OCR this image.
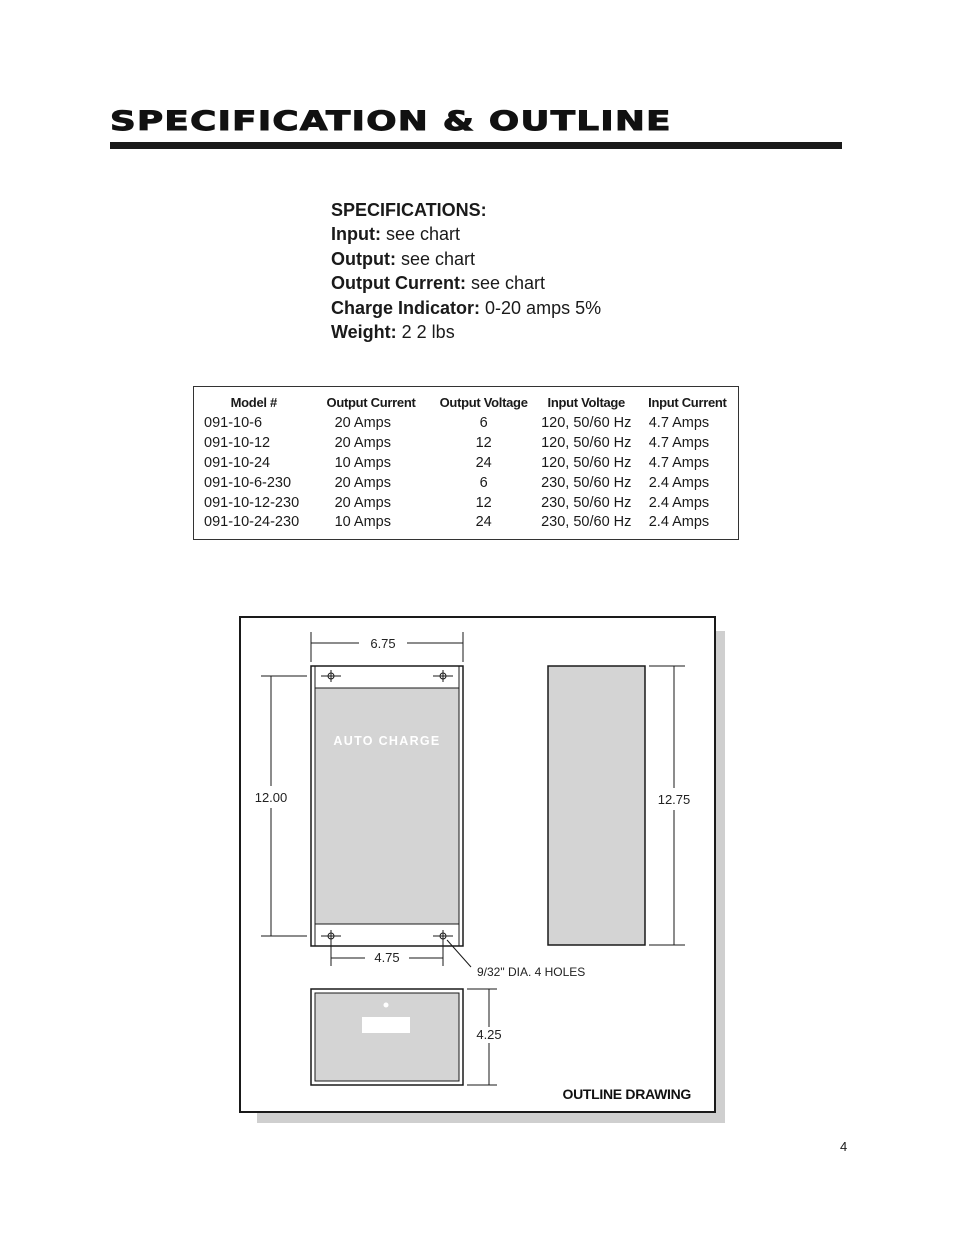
SPECIFICATION & OUTLINE
SPECIFICATIONS:
Input: see chart
Output: see chart
Output Current: see chart
Charge Indicator: 0-20 amps 5%
Weight: 2 2 lbs
Model #	Output Current	Output Voltage	Input Voltage	Input Current
091-10-6	20 Amps	6	120, 50/60 Hz	4.7 Amps
091-10-12	20 Amps	12	120, 50/60 Hz	4.7 Amps
091-10-24	10 Amps	24	120, 50/60 Hz	4.7 Amps
091-10-6-230	20 Amps	6	230, 50/60 Hz	2.4 Amps
091-10-12-230	20 Amps	12	230, 50/60 Hz	2.4 Amps
091-10-24-230	10 Amps	24	230, 50/60 Hz	2.4 Amps
AUTO CHARGE
6.75
12.00
4.75
9/32" DIA. 4 HOLES
12.75
4.25
OUTLINE DRAWING
4
